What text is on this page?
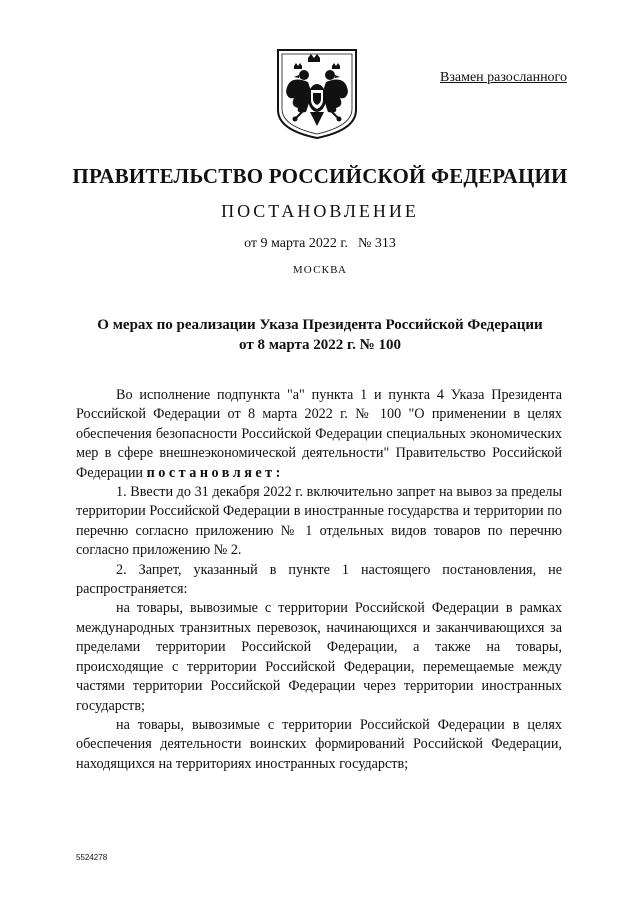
Взамен разосланного
ПРАВИТЕЛЬСТВО РОССИЙСКОЙ ФЕДЕРАЦИИ
ПОСТАНОВЛЕНИЕ
от 9 марта 2022 г. № 313
МОСКВА
О мерах по реализации Указа Президента Российской Федерации
от 8 марта 2022 г. № 100

Во исполнение подпункта "а" пункта 1 и пункта 4 Указа Президента Российской Федерации от 8 марта 2022 г. № 100 "О применении в целях обеспечения безопасности Российской Федерации специальных экономических мер в сфере внешнеэкономической деятельности" Правительство Российской Федерации постановляет:

1. Ввести до 31 декабря 2022 г. включительно запрет на вывоз за пределы территории Российской Федерации в иностранные государства и территории по перечню согласно приложению № 1 отдельных видов товаров по перечню согласно приложению № 2.

2. Запрет, указанный в пункте 1 настоящего постановления, не распространяется:

на товары, вывозимые с территории Российской Федерации в рамках международных транзитных перевозок, начинающихся и заканчивающихся за пределами территории Российской Федерации, а также на товары, происходящие с территории Российской Федерации, перемещаемые между частями территории Российской Федерации через территории иностранных государств;

на товары, вывозимые с территории Российской Федерации в целях обеспечения деятельности воинских формирований Российской Федерации, находящихся на территориях иностранных государств;

5524278
